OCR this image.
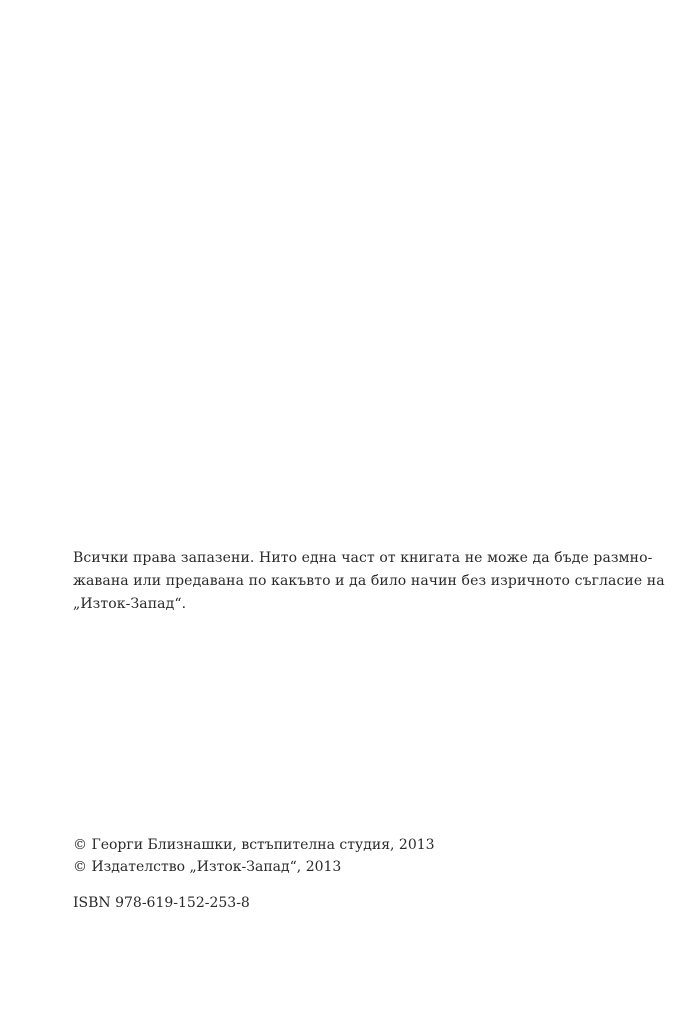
Всички права запазени. Нито една част от книгата не може да бъде размно-
жавана или предавана по какъвто и да било начин без изричното съгласие на
„Изток-Запад“.

© Георги Близнашки, встъпителна студия, 2013
© Издателство „Изток-Запад“, 2013

ISBN 978-619-152-253-8
